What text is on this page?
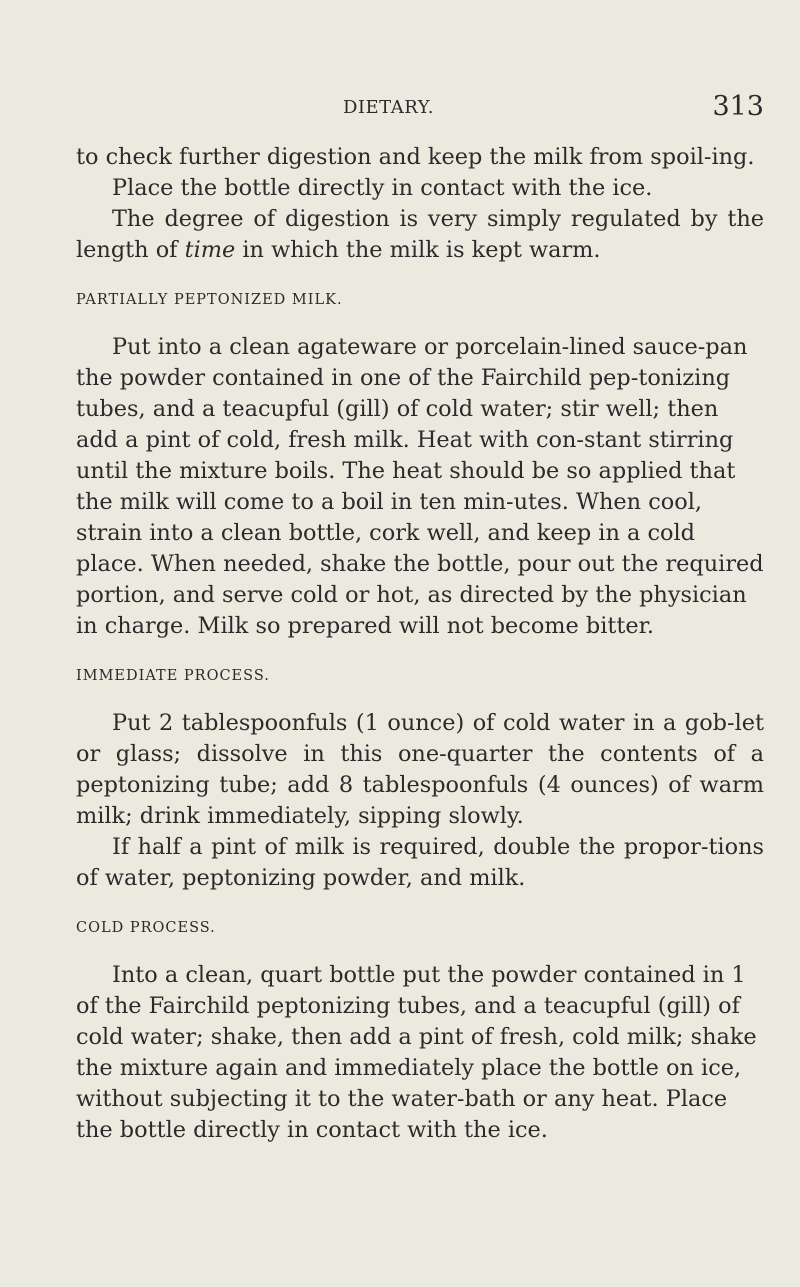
DIETARY.	313

to check further digestion and keep the milk from spoil-ing.

Place the bottle directly in contact with the ice.

The degree of digestion is very simply regulated by the length of time in which the milk is kept warm.

PARTIALLY PEPTONIZED MILK.

Put into a clean agateware or porcelain-lined sauce-pan the powder contained in one of the Fairchild pep-tonizing tubes, and a teacupful (gill) of cold water; stir well; then add a pint of cold, fresh milk. Heat with con-stant stirring until the mixture boils. The heat should be so applied that the milk will come to a boil in ten min-utes. When cool, strain into a clean bottle, cork well, and keep in a cold place. When needed, shake the bottle, pour out the required portion, and serve cold or hot, as directed by the physician in charge. Milk so prepared will not become bitter.

IMMEDIATE PROCESS.

Put 2 tablespoonfuls (1 ounce) of cold water in a gob-let or glass; dissolve in this one-quarter the contents of a peptonizing tube; add 8 tablespoonfuls (4 ounces) of warm milk; drink immediately, sipping slowly.

If half a pint of milk is required, double the propor-tions of water, peptonizing powder, and milk.

COLD PROCESS.

Into a clean, quart bottle put the powder contained in 1 of the Fairchild peptonizing tubes, and a teacupful (gill) of cold water; shake, then add a pint of fresh, cold milk; shake the mixture again and immediately place the bottle on ice, without subjecting it to the water-bath or any heat. Place the bottle directly in contact with the ice.
